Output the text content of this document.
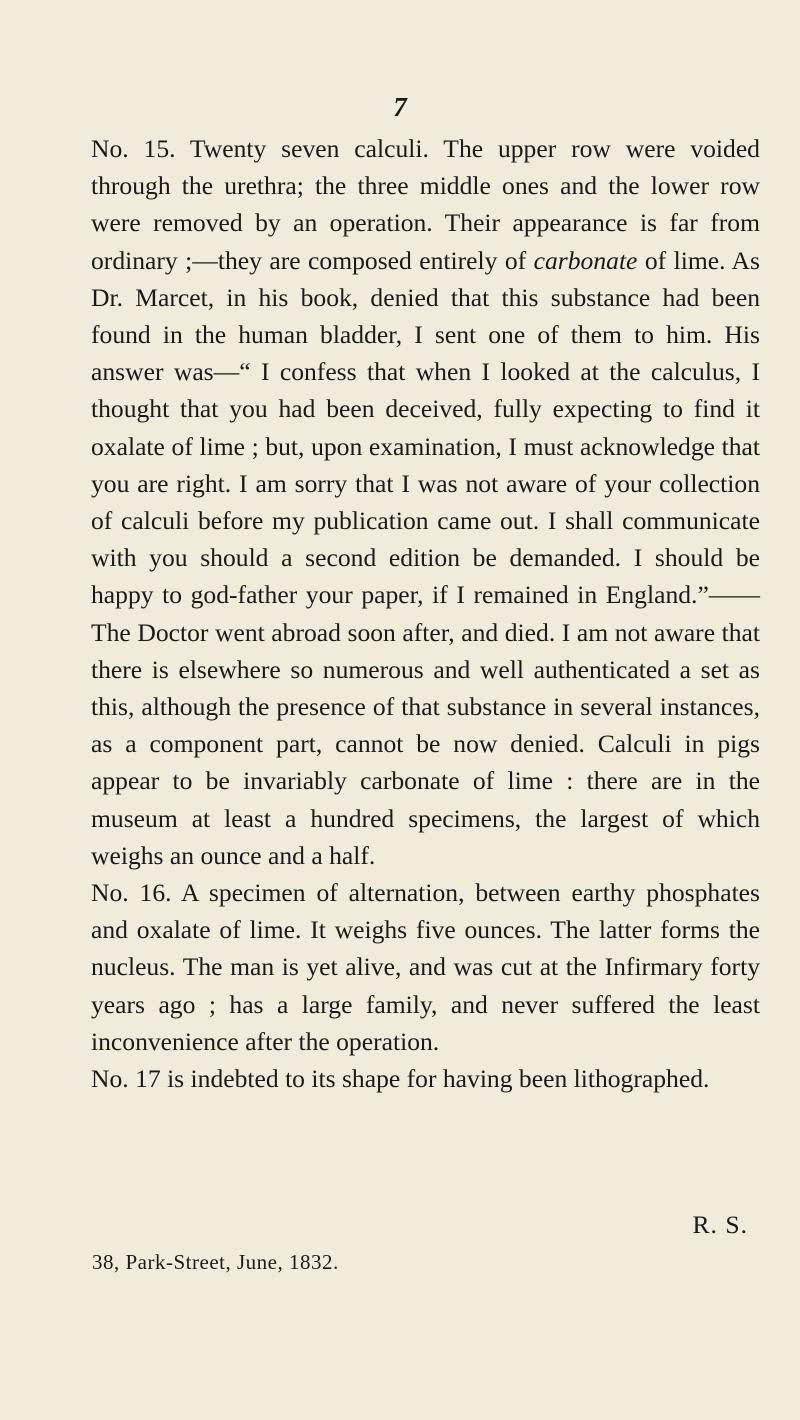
7

No. 15. Twenty seven calculi. The upper row were voided through the urethra; the three middle ones and the lower row were removed by an operation. Their appearance is far from ordinary ;—they are composed entirely of carbonate of lime. As Dr. Marcet, in his book, denied that this substance had been found in the human bladder, I sent one of them to him. His answer was—“ I confess that when I looked at the calculus, I thought that you had been deceived, fully expecting to find it oxalate of lime ; but, upon examination, I must acknowledge that you are right. I am sorry that I was not aware of your collection of calculi before my publication came out. I shall communicate with you should a second edition be demanded. I should be happy to god-father your paper, if I remained in England.”——The Doctor went abroad soon after, and died. I am not aware that there is elsewhere so numerous and well authenticated a set as this, although the presence of that substance in several instances, as a component part, cannot be now denied. Calculi in pigs appear to be invariably carbonate of lime : there are in the museum at least a hundred specimens, the largest of which weighs an ounce and a half.

No. 16. A specimen of alternation, between earthy phosphates and oxalate of lime. It weighs five ounces. The latter forms the nucleus. The man is yet alive, and was cut at the Infirmary forty years ago ; has a large family, and never suffered the least inconvenience after the operation.

No. 17 is indebted to its shape for having been lithographed.

R. S.
38, Park-Street, June, 1832.
